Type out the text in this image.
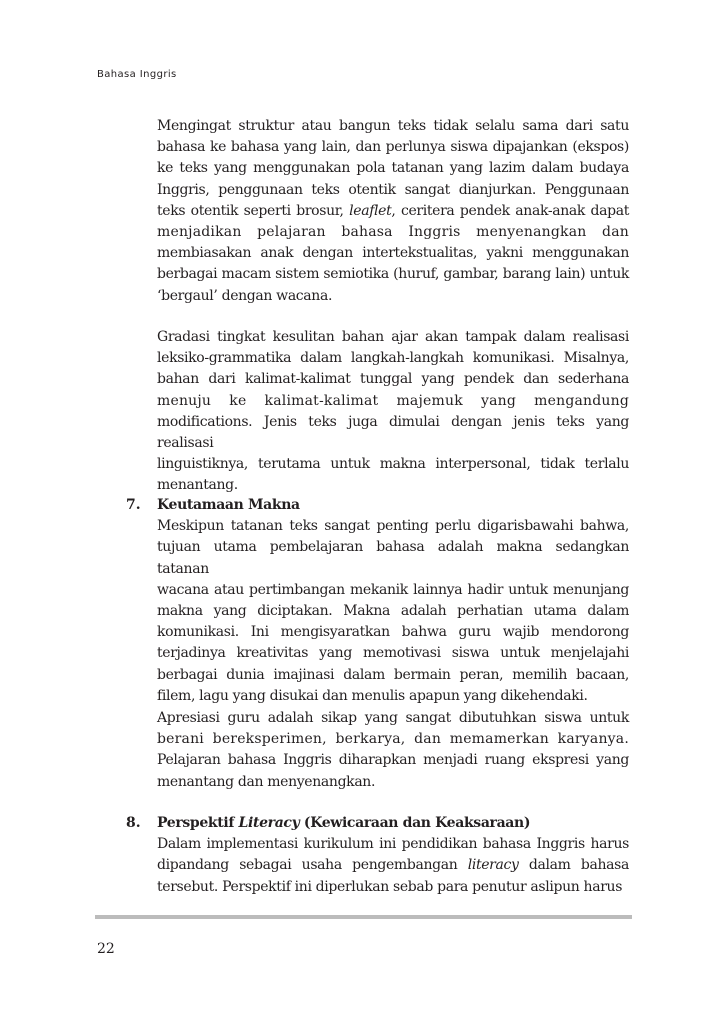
Bahasa Inggris

Mengingat struktur atau bangun teks tidak selalu sama dari satu

bahasa ke bahasa yang lain, dan perlunya siswa dipajankan (ekspos)

ke teks yang menggunakan pola tatanan yang lazim dalam budaya

Inggris, penggunaan teks otentik sangat dianjurkan. Penggunaan

teks otentik seperti brosur, leaflet, ceritera pendek anak-anak dapat

menjadikan pelajaran bahasa Inggris menyenangkan dan

membiasakan anak dengan intertekstualitas, yakni menggunakan

berbagai macam sistem semiotika (huruf, gambar, barang lain) untuk

‘bergaul’ dengan wacana.

Gradasi tingkat kesulitan bahan ajar akan tampak dalam realisasi

leksiko-grammatika dalam langkah-langkah komunikasi. Misalnya,

bahan dari kalimat-kalimat tunggal yang pendek dan sederhana

menuju ke kalimat-kalimat majemuk yang mengandung

modifications. Jenis teks juga dimulai dengan jenis teks yang realisasi

linguistiknya, terutama untuk makna interpersonal, tidak terlalu

menantang.

7. Keutamaan Makna

Meskipun tatanan teks sangat penting perlu digarisbawahi bahwa,

tujuan utama pembelajaran bahasa adalah makna sedangkan tatanan

wacana atau pertimbangan mekanik lainnya hadir untuk menunjang

makna yang diciptakan. Makna adalah perhatian utama dalam

komunikasi. Ini mengisyaratkan bahwa guru wajib mendorong

terjadinya kreativitas yang memotivasi siswa untuk menjelajahi

berbagai dunia imajinasi dalam bermain peran, memilih bacaan,

filem, lagu yang disukai dan menulis apapun yang dikehendaki.

Apresiasi guru adalah sikap yang sangat dibutuhkan siswa untuk

berani bereksperimen, berkarya, dan memamerkan karyanya.

Pelajaran bahasa Inggris diharapkan menjadi ruang ekspresi yang

menantang dan menyenangkan.

8. Perspektif Literacy (Kewicaraan dan Keaksaraan)

Dalam implementasi kurikulum ini pendidikan bahasa Inggris harus

dipandang sebagai usaha pengembangan literacy dalam bahasa

tersebut. Perspektif ini diperlukan sebab para penutur aslipun harus

22
